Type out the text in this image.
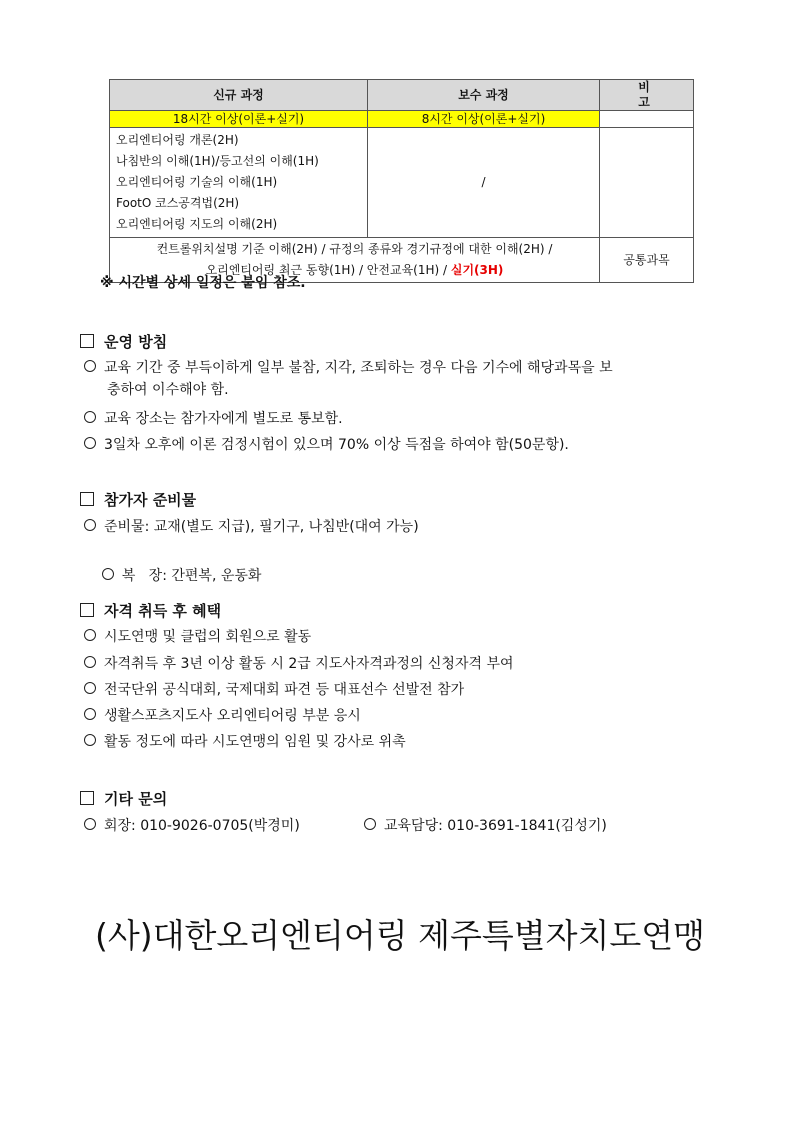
신규 과정	보수 과정	비 고
18시간 이상(이론+실기)	8시간 이상(이론+실기)	

오리엔티어링 개론(2H)
나침반의 이해(1H)/등고선의 이해(1H)
오리엔티어링 기술의 이해(1H)
FootO 코스공격법(2H)
오리엔티어링 지도의 이해(2H)	/	

컨트롤위치설명 기준 이해(2H) / 규정의 종류와 경기규정에 대한 이해(2H) /
오리엔티어링 최근 동향(1H) / 안전교육(1H) / 실기(3H)		공통과목
※ 시간별 상세 일정은 붙임 참조.
운영 방침
교육 기간 중 부득이하게 일부 불참, 지각, 조퇴하는 경우 다음 기수에 해당과목을 보
충하여 이수해야 함.
교육 장소는 참가자에게 별도로 통보함.
3일차 오후에 이론 검정시험이 있으며 70% 이상 득점을 하여야 함(50문항).
참가자 준비물
준비물: 교재(별도 지급), 필기구, 나침반(대여 가능)

복   장: 간편복, 운동화

자격 취득 후 혜택
시도연맹 및 클럽의 회원으로 활동
자격취득 후 3년 이상 활동 시 2급 지도사자격과정의 신청자격 부여
전국단위 공식대회, 국제대회 파견 등 대표선수 선발전 참가
생활스포츠지도사 오리엔티어링 부분 응시
활동 정도에 따라 시도연맹의 임원 및 강사로 위촉
기타 문의
회장: 010-9026-0705(박경미)	교육담당: 010-3691-1841(김성기)
(사)대한오리엔티어링 제주특별자치도연맹
